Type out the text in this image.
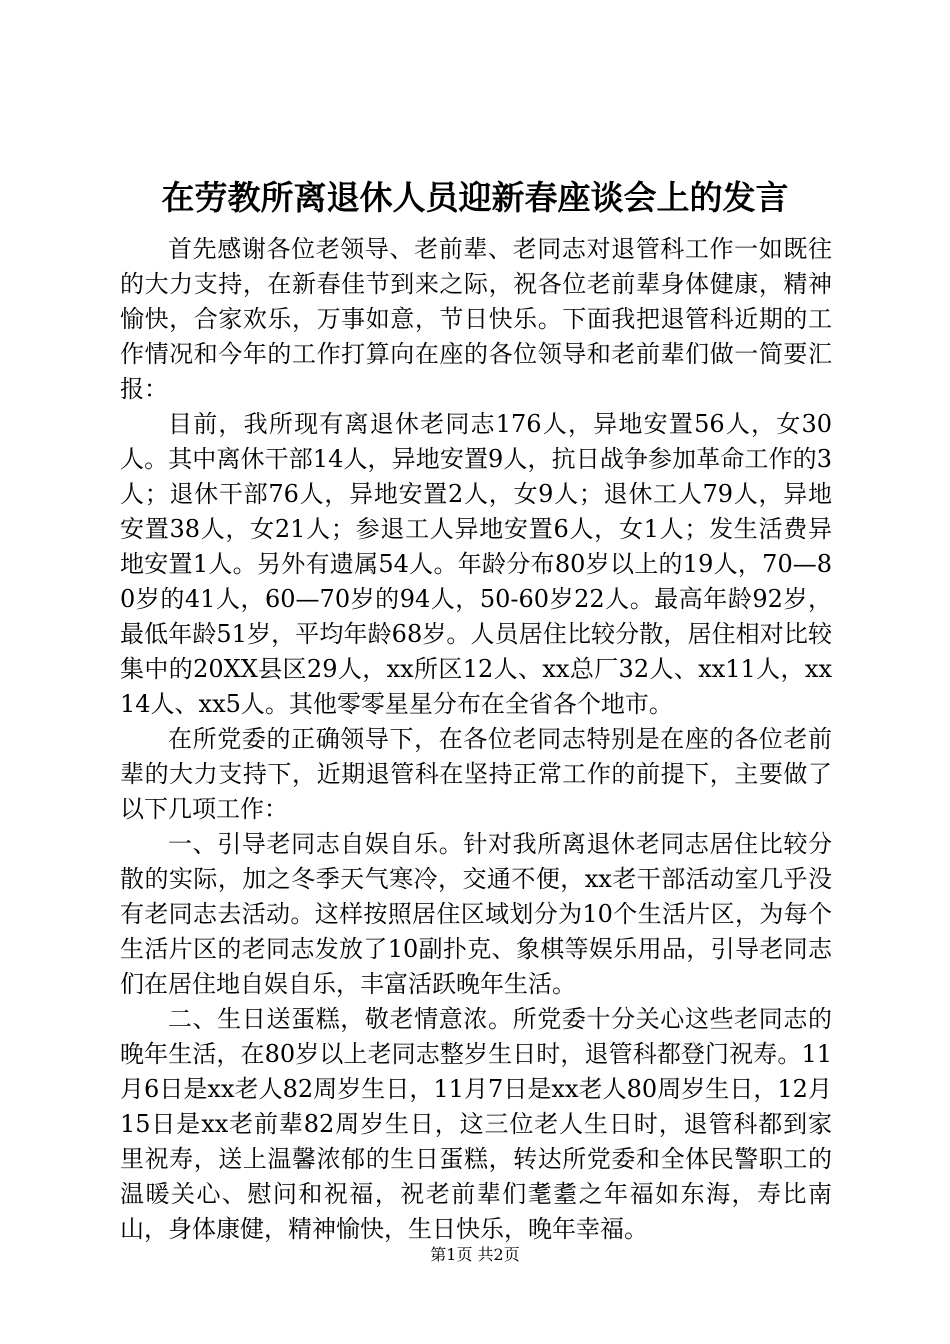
在劳教所离退休人员迎新春座谈会上的发言

首先感谢各位老领导、老前辈、老同志对退管科工作一如既往的大力支持，在新春佳节到来之际，祝各位老前辈身体健康，精神愉快，合家欢乐，万事如意，节日快乐。下面我把退管科近期的工作情况和今年的工作打算向在座的各位领导和老前辈们做一简要汇报：

目前，我所现有离退休老同志176人，异地安置56人，女30人。其中离休干部14人，异地安置9人，抗日战争参加革命工作的3人；退休干部76人，异地安置2人，女9人；退休工人79人，异地安置38人，女21人；参退工人异地安置6人，女1人；发生活费异地安置1人。另外有遗属54人。年龄分布80岁以上的19人，70—80岁的41人，60—70岁的94人，50-60岁22人。最高年龄92岁，最低年龄51岁，平均年龄68岁。人员居住比较分散，居住相对比较集中的20XX县区29人，xx所区12人、xx总厂32人、xx11人，xx14人、xx5人。其他零零星星分布在全省各个地市。

在所党委的正确领导下，在各位老同志特别是在座的各位老前辈的大力支持下，近期退管科在坚持正常工作的前提下，主要做了以下几项工作：

一、引导老同志自娱自乐。针对我所离退休老同志居住比较分散的实际，加之冬季天气寒冷，交通不便，xx老干部活动室几乎没有老同志去活动。这样按照居住区域划分为10个生活片区，为每个生活片区的老同志发放了10副扑克、象棋等娱乐用品，引导老同志们在居住地自娱自乐，丰富活跃晚年生活。

二、生日送蛋糕，敬老情意浓。所党委十分关心这些老同志的晚年生活，在80岁以上老同志整岁生日时，退管科都登门祝寿。11月6日是xx老人82周岁生日，11月7日是xx老人80周岁生日，12月15日是xx老前辈82周岁生日，这三位老人生日时，退管科都到家里祝寿，送上温馨浓郁的生日蛋糕，转达所党委和全体民警职工的温暖关心、慰问和祝福，祝老前辈们耄耋之年福如东海，寿比南山，身体康健，精神愉快，生日快乐，晚年幸福。

第1页 共2页
